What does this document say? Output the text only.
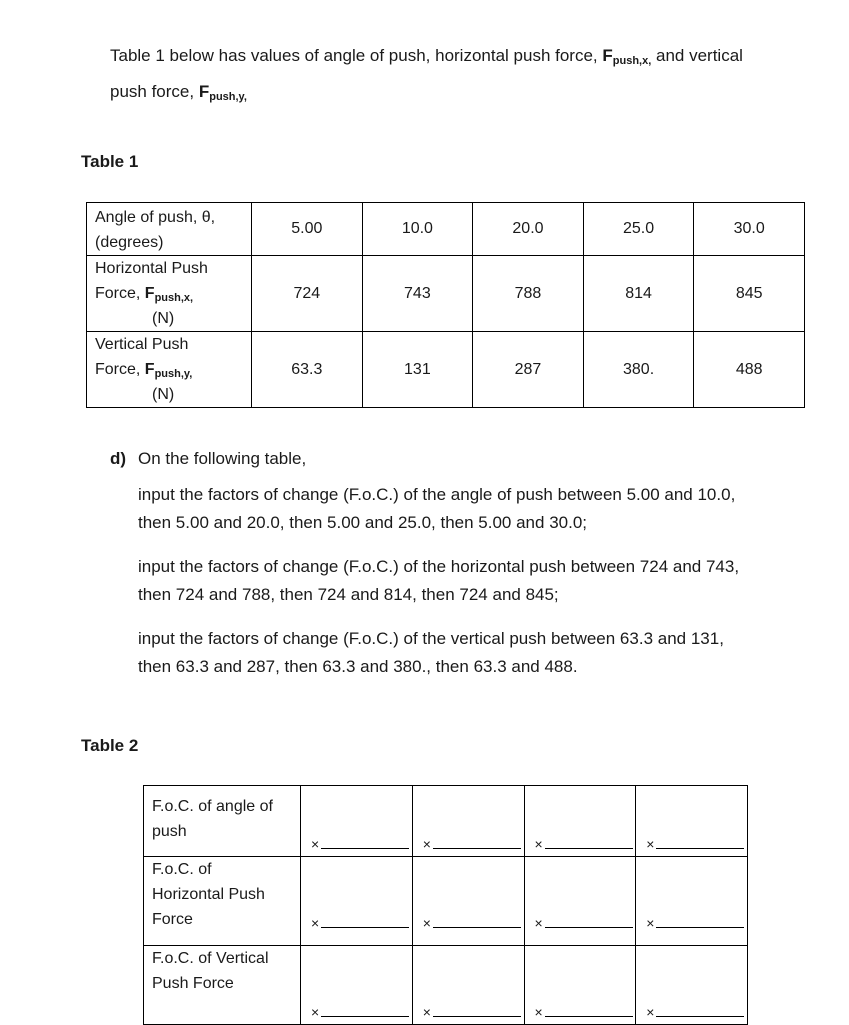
Table 1 below has values of angle of push, horizontal push force, $F_{push,x,}$ and vertical
push force, $F_{push,y,}$
Table 1
Angle of push, θ,
(degrees)	5.00	10.0	20.0	25.0	30.0

Horizontal Push
Force, $F_{push,x,}$
(N)	724	743	788	814	845

Vertical Push
Force, $F_{push,y,}$
(N)	63.3	131	287	380.	488
d) On the following table,

input the factors of change (F.o.C.) of the angle of push between 5.00 and 10.0,

then 5.00 and 20.0, then 5.00 and 25.0, then 5.00 and 30.0;

input the factors of change (F.o.C.) of the horizontal push between 724 and 743,

then 724 and 788, then 724 and 814, then 724 and 845;

input the factors of change (F.o.C.) of the vertical push between 63.3 and 131,

then 63.3 and 287, then 63.3 and 380., then 63.3 and 488.

Table 2
F.o.C. of angle of
push	×	×	×	×

F.o.C. of
Horizontal Push
Force	×	×	×	×

F.o.C. of Vertical
Push Force	×	×	×	×
